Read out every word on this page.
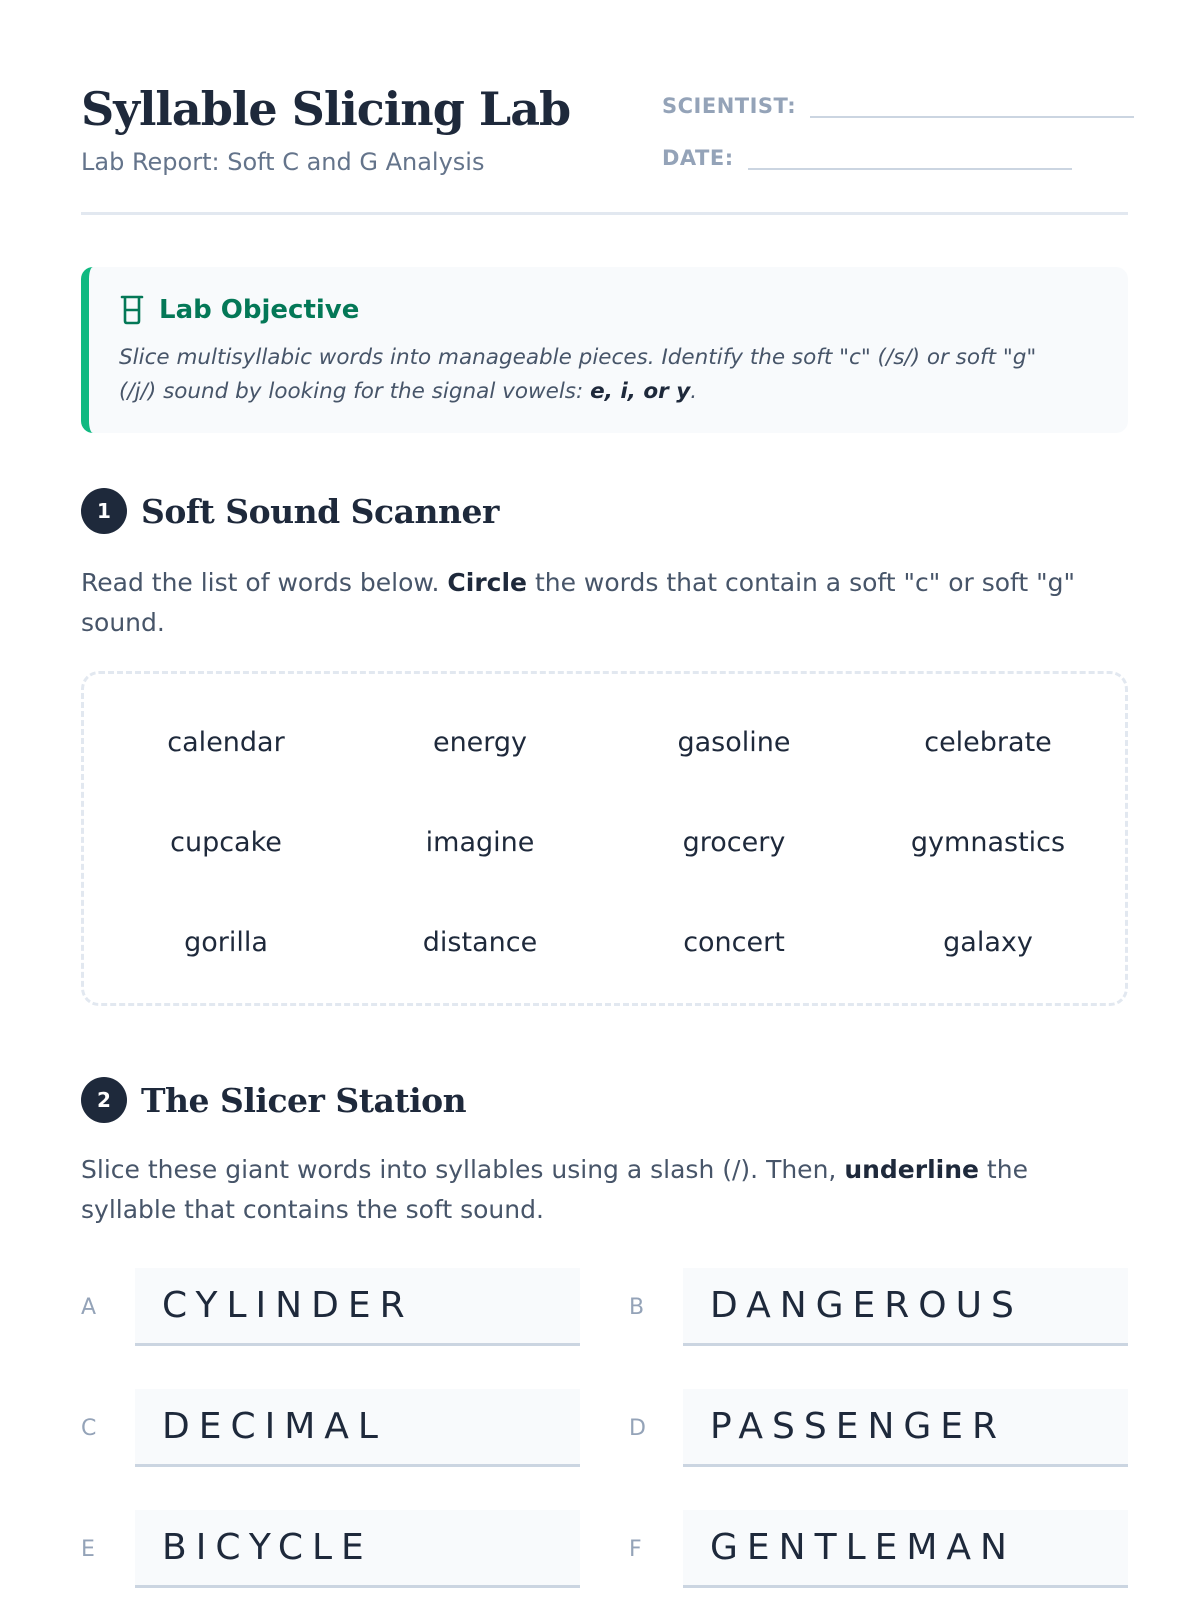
Syllable Slicing Lab
Lab Report: Soft C and G Analysis
SCIENTIST:
DATE:
Lab Objective

Slice multisyllabic words into manageable pieces. Identify the soft "c" (/s/) or soft "g" (/j/) sound by looking for the signal vowels: e, i, or y.

1 Soft Sound Scanner

Read the list of words below. Circle the words that contain a soft "c" or soft "g" sound.

calendar	energy	gasoline	celebrate
cupcake	imagine	grocery	gymnastics
gorilla	distance	concert	galaxy
2 The Slicer Station

Slice these giant words into syllables using a slash (/). Then, underline the syllable that contains the soft sound.

A	CYLINDER	B	DANGEROUS
C	DECIMAL	D	PASSENGER
E	BICYCLE	F	GENTLEMAN
